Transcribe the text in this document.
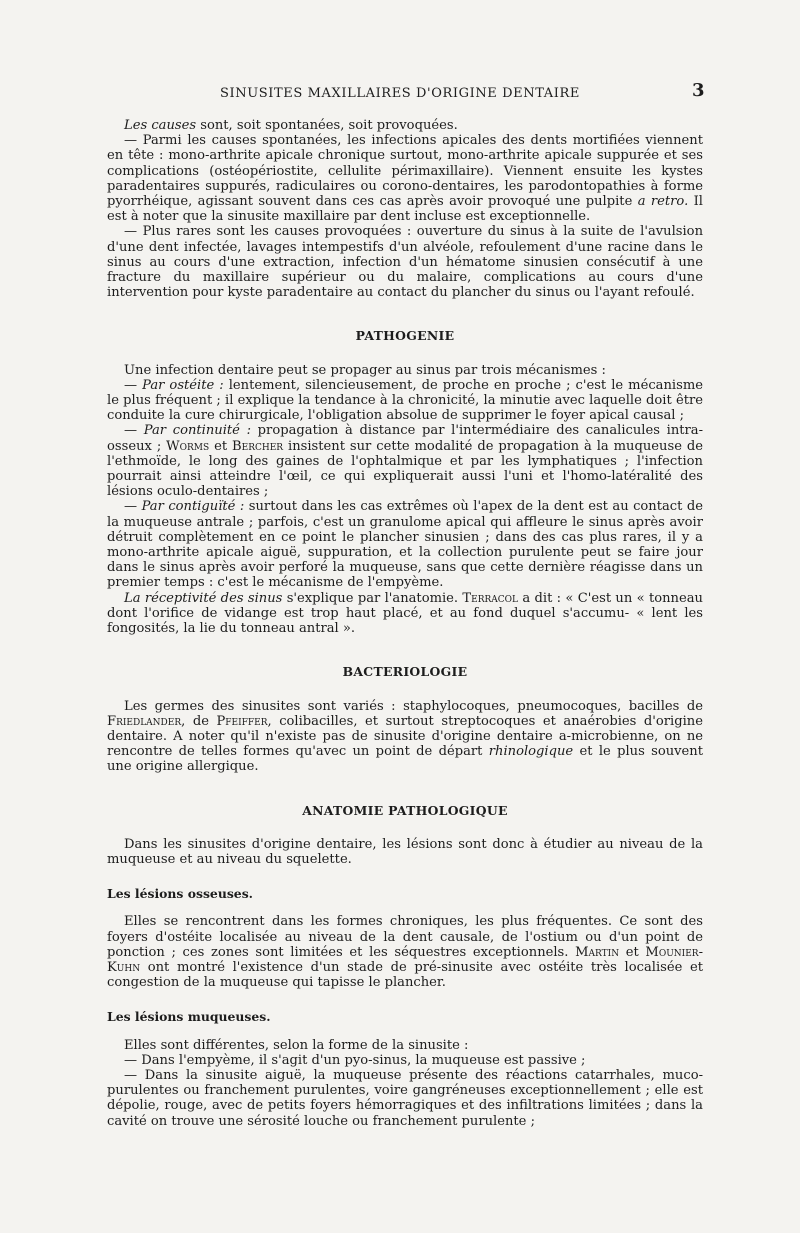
SINUSITES MAXILLAIRES D'ORIGINE DENTAIRE	3

Les causes sont, soit spontanées, soit provoquées.

— Parmi les causes spontanées, les infections apicales des dents mortifiées viennent en tête : mono-arthrite apicale chronique surtout, mono-arthrite apicale suppurée et ses complications (ostéopériostite, cellulite périmaxillaire). Viennent ensuite les kystes paradentaires suppurés, radiculaires ou corono-dentaires, les parodontopathies à forme pyorrhéique, agissant souvent dans ces cas après avoir provoqué une pulpite a retro. Il est à noter que la sinusite maxillaire par dent incluse est exceptionnelle.

— Plus rares sont les causes provoquées : ouverture du sinus à la suite de l'avulsion d'une dent infectée, lavages intempestifs d'un alvéole, refoulement d'une racine dans le sinus au cours d'une extraction, infection d'un hématome sinusien consécutif à une fracture du maxillaire supérieur ou du malaire, complications au cours d'une intervention pour kyste paradentaire au contact du plancher du sinus ou l'ayant refoulé.

PATHOGENIE

Une infection dentaire peut se propager au sinus par trois mécanismes :

— Par ostéite : lentement, silencieusement, de proche en proche ; c'est le mécanisme le plus fréquent ; il explique la tendance à la chronicité, la minutie avec laquelle doit être conduite la cure chirurgicale, l'obligation absolue de supprimer le foyer apical causal ;

— Par continuité : propagation à distance par l'intermédiaire des canalicules intra-osseux ; Worms et Bercher insistent sur cette modalité de propagation à la muqueuse de l'ethmoïde, le long des gaines de l'ophtalmique et par les lymphatiques ; l'infection pourrait ainsi atteindre l'œil, ce qui expliquerait aussi l'uni et l'homo-latéralité des lésions oculo-dentaires ;

— Par contiguïté : surtout dans les cas extrêmes où l'apex de la dent est au contact de la muqueuse antrale ; parfois, c'est un granulome apical qui affleure le sinus après avoir détruit complètement en ce point le plancher sinusien ; dans des cas plus rares, il y a mono-arthrite apicale aiguë, suppuration, et la collection purulente peut se faire jour dans le sinus après avoir perforé la muqueuse, sans que cette dernière réagisse dans un premier temps : c'est le mécanisme de l'empyème.

La réceptivité des sinus s'explique par l'anatomie. Terracol a dit : « C'est un « tonneau dont l'orifice de vidange est trop haut placé, et au fond duquel s'accumu- « lent les fongosités, la lie du tonneau antral ».

BACTERIOLOGIE

Les germes des sinusites sont variés : staphylocoques, pneumocoques, bacilles de Friedlander, de Pfeiffer, colibacilles, et surtout streptocoques et anaérobies d'origine dentaire. A noter qu'il n'existe pas de sinusite d'origine dentaire a-microbienne, on ne rencontre de telles formes qu'avec un point de départ rhinologique et le plus souvent une origine allergique.

ANATOMIE PATHOLOGIQUE

Dans les sinusites d'origine dentaire, les lésions sont donc à étudier au niveau de la muqueuse et au niveau du squelette.

Les lésions osseuses.

Elles se rencontrent dans les formes chroniques, les plus fréquentes. Ce sont des foyers d'ostéite localisée au niveau de la dent causale, de l'ostium ou d'un point de ponction ; ces zones sont limitées et les séquestres exceptionnels. Martin et Mounier-Kuhn ont montré l'existence d'un stade de pré-sinusite avec ostéite très localisée et congestion de la muqueuse qui tapisse le plancher.

Les lésions muqueuses.

Elles sont différentes, selon la forme de la sinusite :

— Dans l'empyème, il s'agit d'un pyo-sinus, la muqueuse est passive ;

— Dans la sinusite aiguë, la muqueuse présente des réactions catarrhales, muco-purulentes ou franchement purulentes, voire gangréneuses exceptionnellement ; elle est dépolie, rouge, avec de petits foyers hémorragiques et des infiltrations limitées ; dans la cavité on trouve une sérosité louche ou franchement purulente ;
